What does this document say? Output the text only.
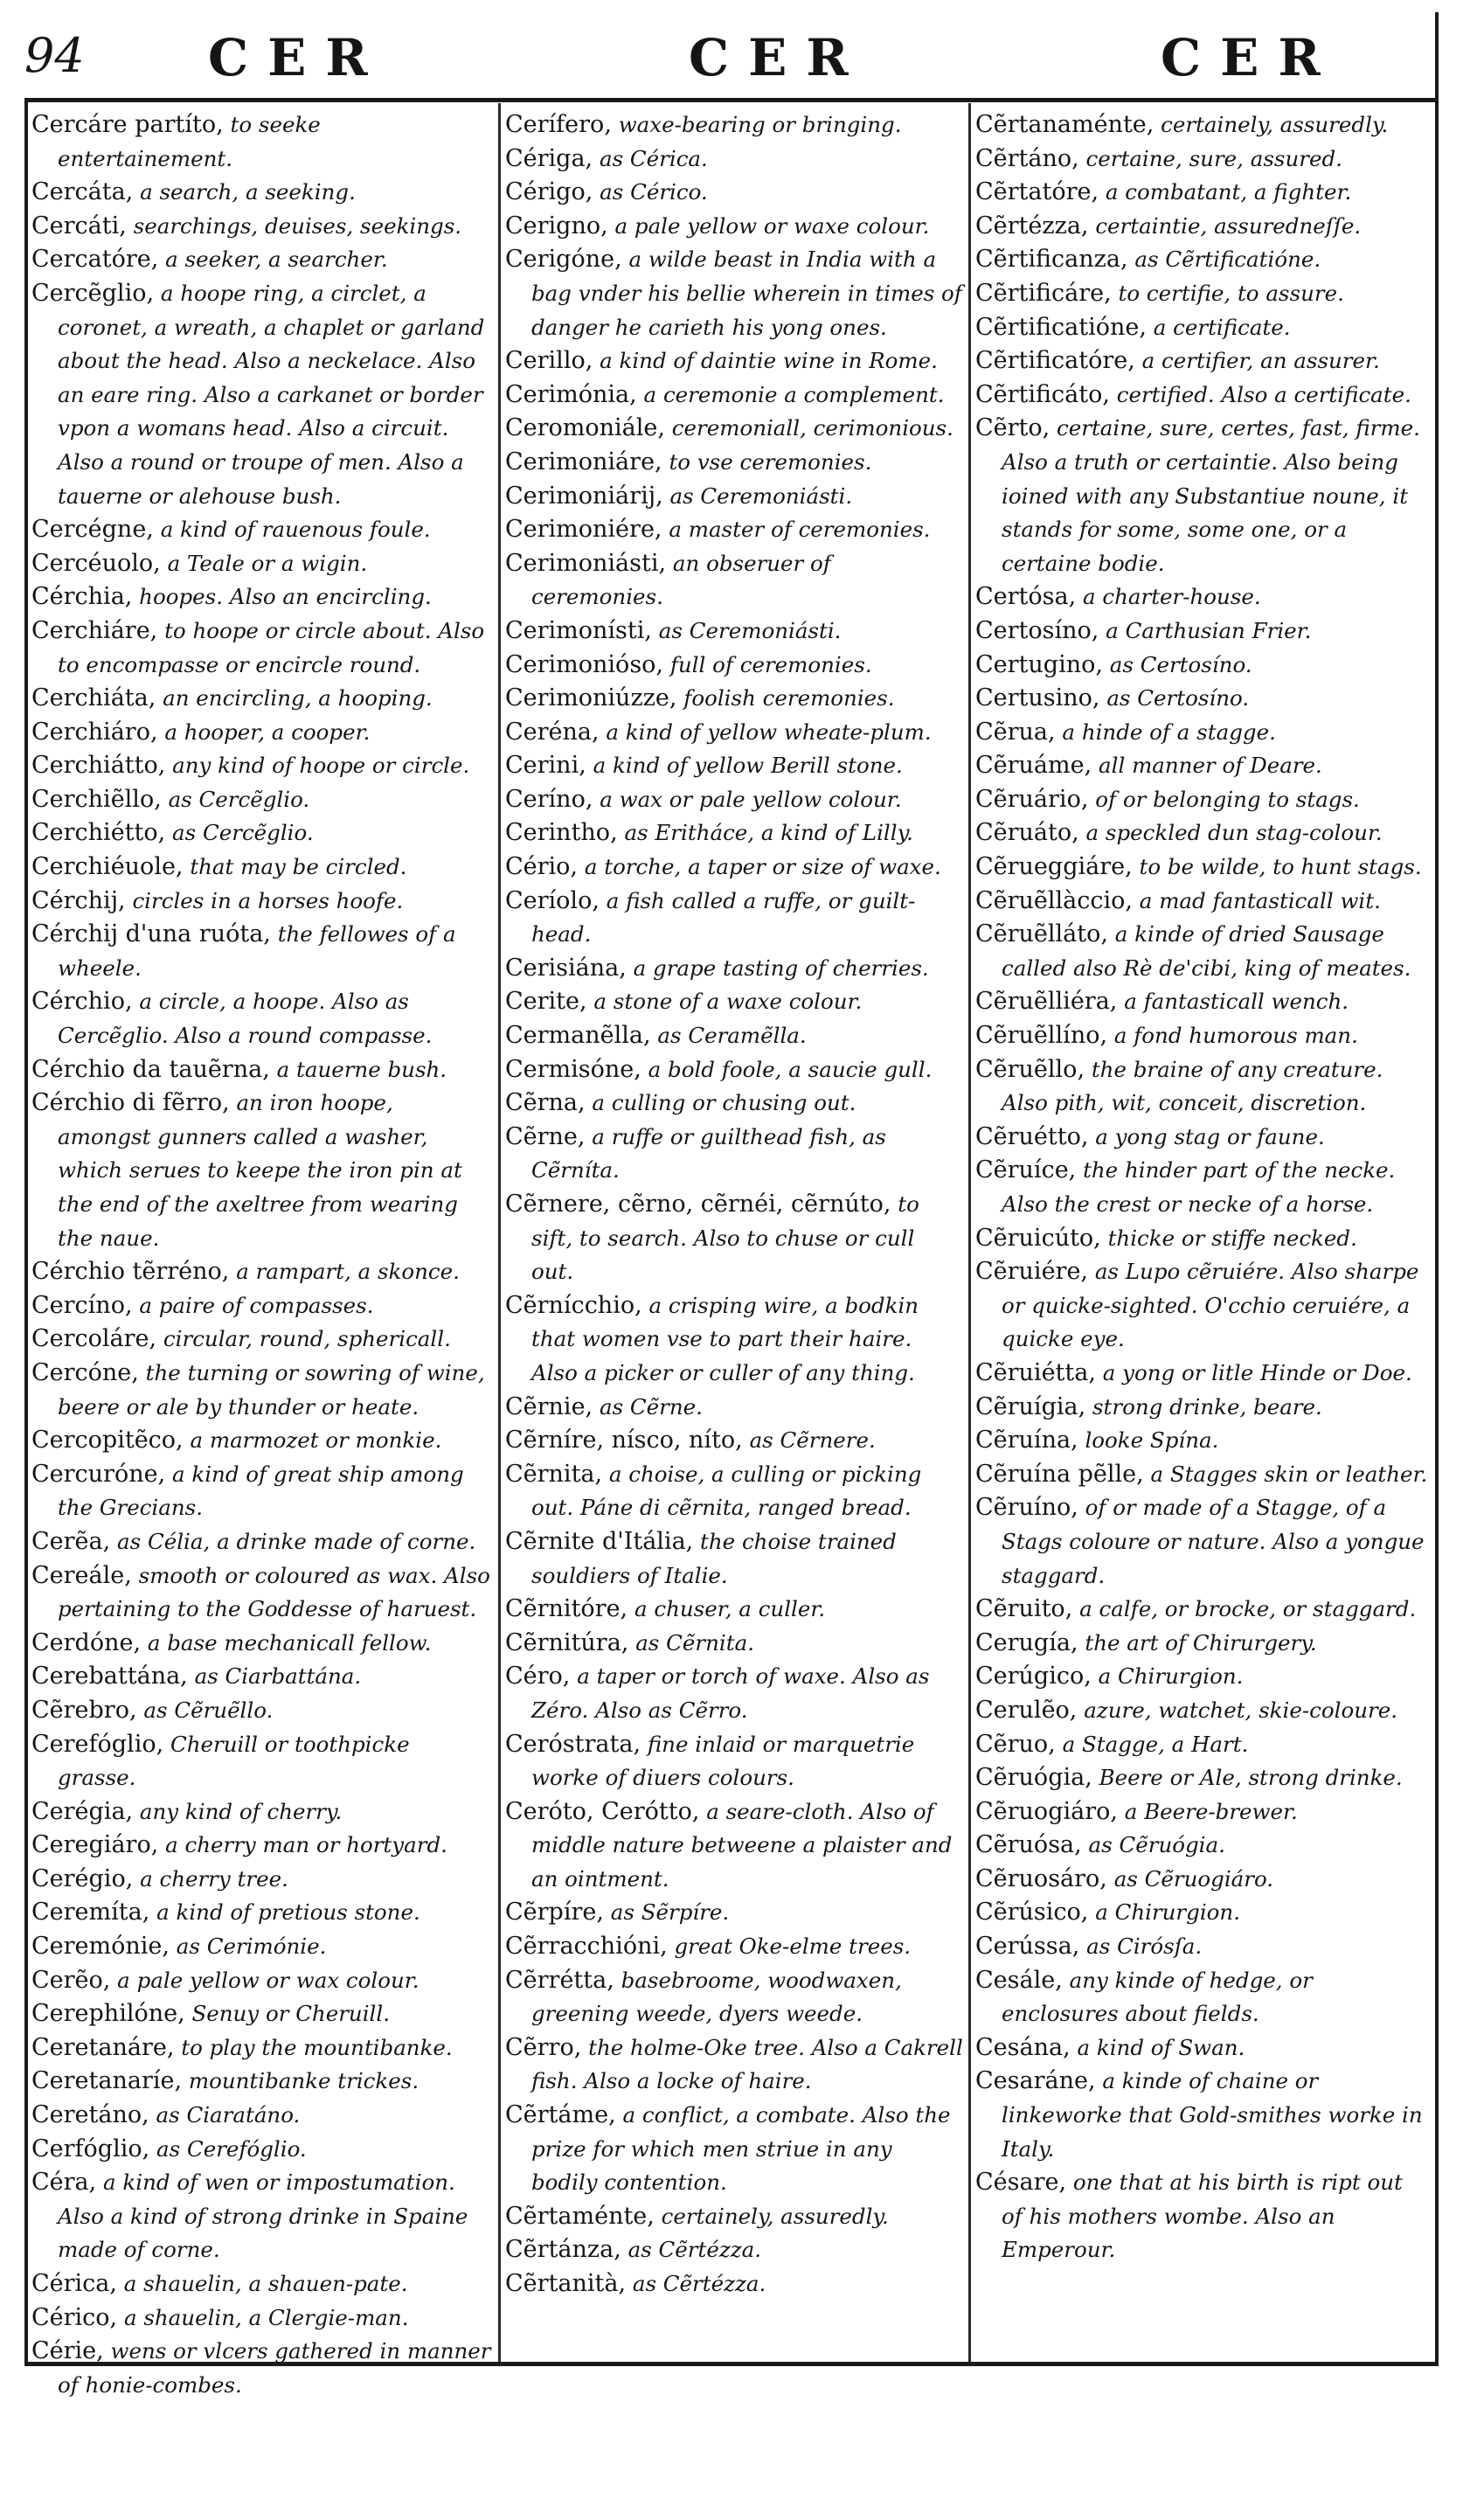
94 CER	CER	CER

Cercáre partíto, to seeke entertainement.

Cercáta, a search, a seeking.

Cercáti, searchings, deuises, seekings.

Cercatóre, a seeker, a searcher.

Cercẽglio, a hoope ring, a circlet, a coronet, a wreath, a chaplet or garland about the head. Also a neckelace. Also an eare ring. Also a carkanet or border vpon a womans head. Also a circuit. Also a round or troupe of men. Also a tauerne or alehouse bush.

Cercégne, a kind of rauenous foule.

Cercéuolo, a Teale or a wigin.

Cérchia, hoopes. Also an encircling.

Cerchiáre, to hoope or circle about. Also to encompasse or encircle round.

Cerchiáta, an encircling, a hooping.

Cerchiáro, a hooper, a cooper.

Cerchiátto, any kind of hoope or circle.

Cerchiẽllo, as Cercẽglio.

Cerchiétto, as Cercẽglio.

Cerchiéuole, that may be circled.

Cérchij, circles in a horses hoofe.

Cérchij d'una ruóta, the fellowes of a wheele.

Cérchio, a circle, a hoope. Also as Cercẽglio. Also a round compasse.

Cérchio da tauẽrna, a tauerne bush.

Cérchio di fẽrro, an iron hoope, amongst gunners called a washer, which serues to keepe the iron pin at the end of the axeltree from wearing the naue.

Cérchio tẽrréno, a rampart, a skonce.

Cercíno, a paire of compasses.

Cercoláre, circular, round, sphericall.

Cercóne, the turning or sowring of wine, beere or ale by thunder or heate.

Cercopitẽco, a marmozet or monkie.

Cercuróne, a kind of great ship among the Grecians.

Cerẽa, as Célia, a drinke made of corne.

Cereále, smooth or coloured as wax. Also pertaining to the Goddesse of haruest.

Cerdóne, a base mechanicall fellow.

Cerebattána, as Ciarbattána.

Cẽrebro, as Cẽruẽllo.

Cerefóglio, Cheruill or toothpicke grasse.

Cerégia, any kind of cherry.

Ceregiáro, a cherry man or hortyard.

Cerégio, a cherry tree.

Ceremíta, a kind of pretious stone.

Ceremónie, as Cerimónie.

Cerẽo, a pale yellow or wax colour.

Cerephilóne, Senuy or Cheruill.

Ceretanáre, to play the mountibanke.

Ceretanaríe, mountibanke trickes.

Ceretáno, as Ciaratáno.

Cerfóglio, as Cerefóglio.

Céra, a kind of wen or impostumation. Also a kind of strong drinke in Spaine made of corne.

Cérica, a shauelin, a shauen-pate.

Cérico, a shauelin, a Clergie-man.

Cérie, wens or vlcers gathered in manner of honie-combes.

Cerífero, waxe-bearing or bringing.

Cériga, as Cérica.

Cérigo, as Cérico.

Cerigno, a pale yellow or waxe colour.

Cerigóne, a wilde beast in India with a bag vnder his bellie wherein in times of danger he carieth his yong ones.

Cerillo, a kind of daintie wine in Rome.

Cerimónia, a ceremonie a complement.

Ceromoniále, ceremoniall, cerimonious.

Cerimoniáre, to vse ceremonies.

Cerimoniárij, as Ceremoniásti.

Cerimoniére, a master of ceremonies.

Cerimoniásti, an obseruer of ceremonies.

Cerimonísti, as Ceremoniásti.

Cerimonióso, full of ceremonies.

Cerimoniúzze, foolish ceremonies.

Ceréna, a kind of yellow wheate-plum.

Cerini, a kind of yellow Berill stone.

Ceríno, a wax or pale yellow colour.

Cerintho, as Erithácе, a kind of Lilly.

Cério, a torche, a taper or size of waxe.

Ceríolo, a fish called a ruffe, or guilt-head.

Cerisiána, a grape tasting of cherries.

Cerite, a stone of a waxe colour.

Cermanẽlla, as Ceramẽlla.

Cermisóne, a bold foole, a saucie gull.

Cẽrna, a culling or chusing out.

Cẽrne, a ruffe or guilthead fish, as Cẽrníta.

Cẽrnere, cẽrno, cẽrnéi, cẽrnúto, to sift, to search. Also to chuse or cull out.

Cẽrnícchio, a crisping wire, a bodkin that women vse to part their haire. Also a picker or culler of any thing.

Cẽrnie, as Cẽrne.

Cẽrníre, nísco, níto, as Cẽrnere.

Cẽrnita, a choise, a culling or picking out. Páne di cẽrnita, ranged bread.

Cẽrnite d'Itália, the choise trained souldiers of Italie.

Cẽrnitóre, a chuser, a culler.

Cẽrnitúra, as Cẽrnita.

Céro, a taper or torch of waxe. Also as Zéro. Also as Cẽrro.

Ceróstrata, fine inlaid or marquetrie worke of diuers colours.

Ceróto, Cerótto, a seare-cloth. Also of middle nature betweene a plaister and an ointment.

Cẽrpíre, as Sẽrpíre.

Cẽrracchióni, great Oke-elme trees.

Cẽrrétta, basebroome, woodwaxen, greening weede, dyers weede.

Cẽrro, the holme-Oke tree. Also a Cakrell fish. Also a locke of haire.

Cẽrtáme, a conflict, a combate. Also the prize for which men striue in any bodily contention.

Cẽrtaménte, certainely, assuredly.

Cẽrtánza, as Cẽrtézza.

Cẽrtanità, as Cẽrtézza.

Cẽrtanaménte, certainely, assuredly.

Cẽrtáno, certaine, sure, assured.

Cẽrtatóre, a combatant, a fighter.

Cẽrtézza, certaintie, assuredneſſe.

Cẽrtificanza, as Cẽrtificatióne.

Cẽrtificáre, to certifie, to assure.

Cẽrtificatióne, a certificate.

Cẽrtificatóre, a certifier, an assurer.

Cẽrtificáto, certified. Also a certificate.

Cẽrto, certaine, sure, certes, fast, firme. Also a truth or certaintie. Also being ioined with any Substantiue noune, it stands for some, some one, or a certaine bodie.

Certósa, a charter-house.

Certosíno, a Carthusian Frier.

Certugino, as Certosíno.

Certusino, as Certosíno.

Cẽrua, a hinde of a stagge.

Cẽruáme, all manner of Deare.

Cẽruário, of or belonging to stags.

Cẽruáto, a speckled dun stag-colour.

Cẽrueggiáre, to be wilde, to hunt stags.

Cẽruẽllàccio, a mad fantasticall wit.

Cẽruẽlláto, a kinde of dried Sausage called also Rè de'cibi, king of meates.

Cẽruẽlliéra, a fantasticall wench.

Cẽruẽllíno, a fond humorous man.

Cẽruẽllo, the braine of any creature. Also pith, wit, conceit, discretion.

Cẽruétto, a yong stag or faune.

Cẽruíce, the hinder part of the necke. Also the crest or necke of a horse.

Cẽruicúto, thicke or stiffe necked.

Cẽruiére, as Lupo cẽruiére. Also sharpe or quicke-sighted. O'cchio ceruiére, a quicke eye.

Cẽruiétta, a yong or litle Hinde or Doe.

Cẽruígia, strong drinke, beare.

Cẽruína, looke Spína.

Cẽruína pẽlle, a Stagges skin or leather.

Cẽruíno, of or made of a Stagge, of a Stags coloure or nature. Also a yongue staggard.

Cẽruito, a calfe, or brocke, or staggard.

Cerugía, the art of Chirurgery.

Cerúgico, a Chirurgion.

Cerulẽo, azure, watchet, skie-coloure.

Cẽruo, a Stagge, a Hart.

Cẽruógia, Beere or Ale, strong drinke.

Cẽruogiáro, a Beere-brewer.

Cẽruósa, as Cẽruógia.

Cẽruosáro, as Cẽruogiáro.

Cẽrúsico, a Chirurgion.

Cerússa, as Cirósſa.

Cesále, any kinde of hedge, or enclosures about fields.

Cesána, a kind of Swan.

Cesaráne, a kinde of chaine or linkeworke that Gold-smithes worke in Italy.

Césare, one that at his birth is ript out of his mothers wombe. Also an Emperour.
